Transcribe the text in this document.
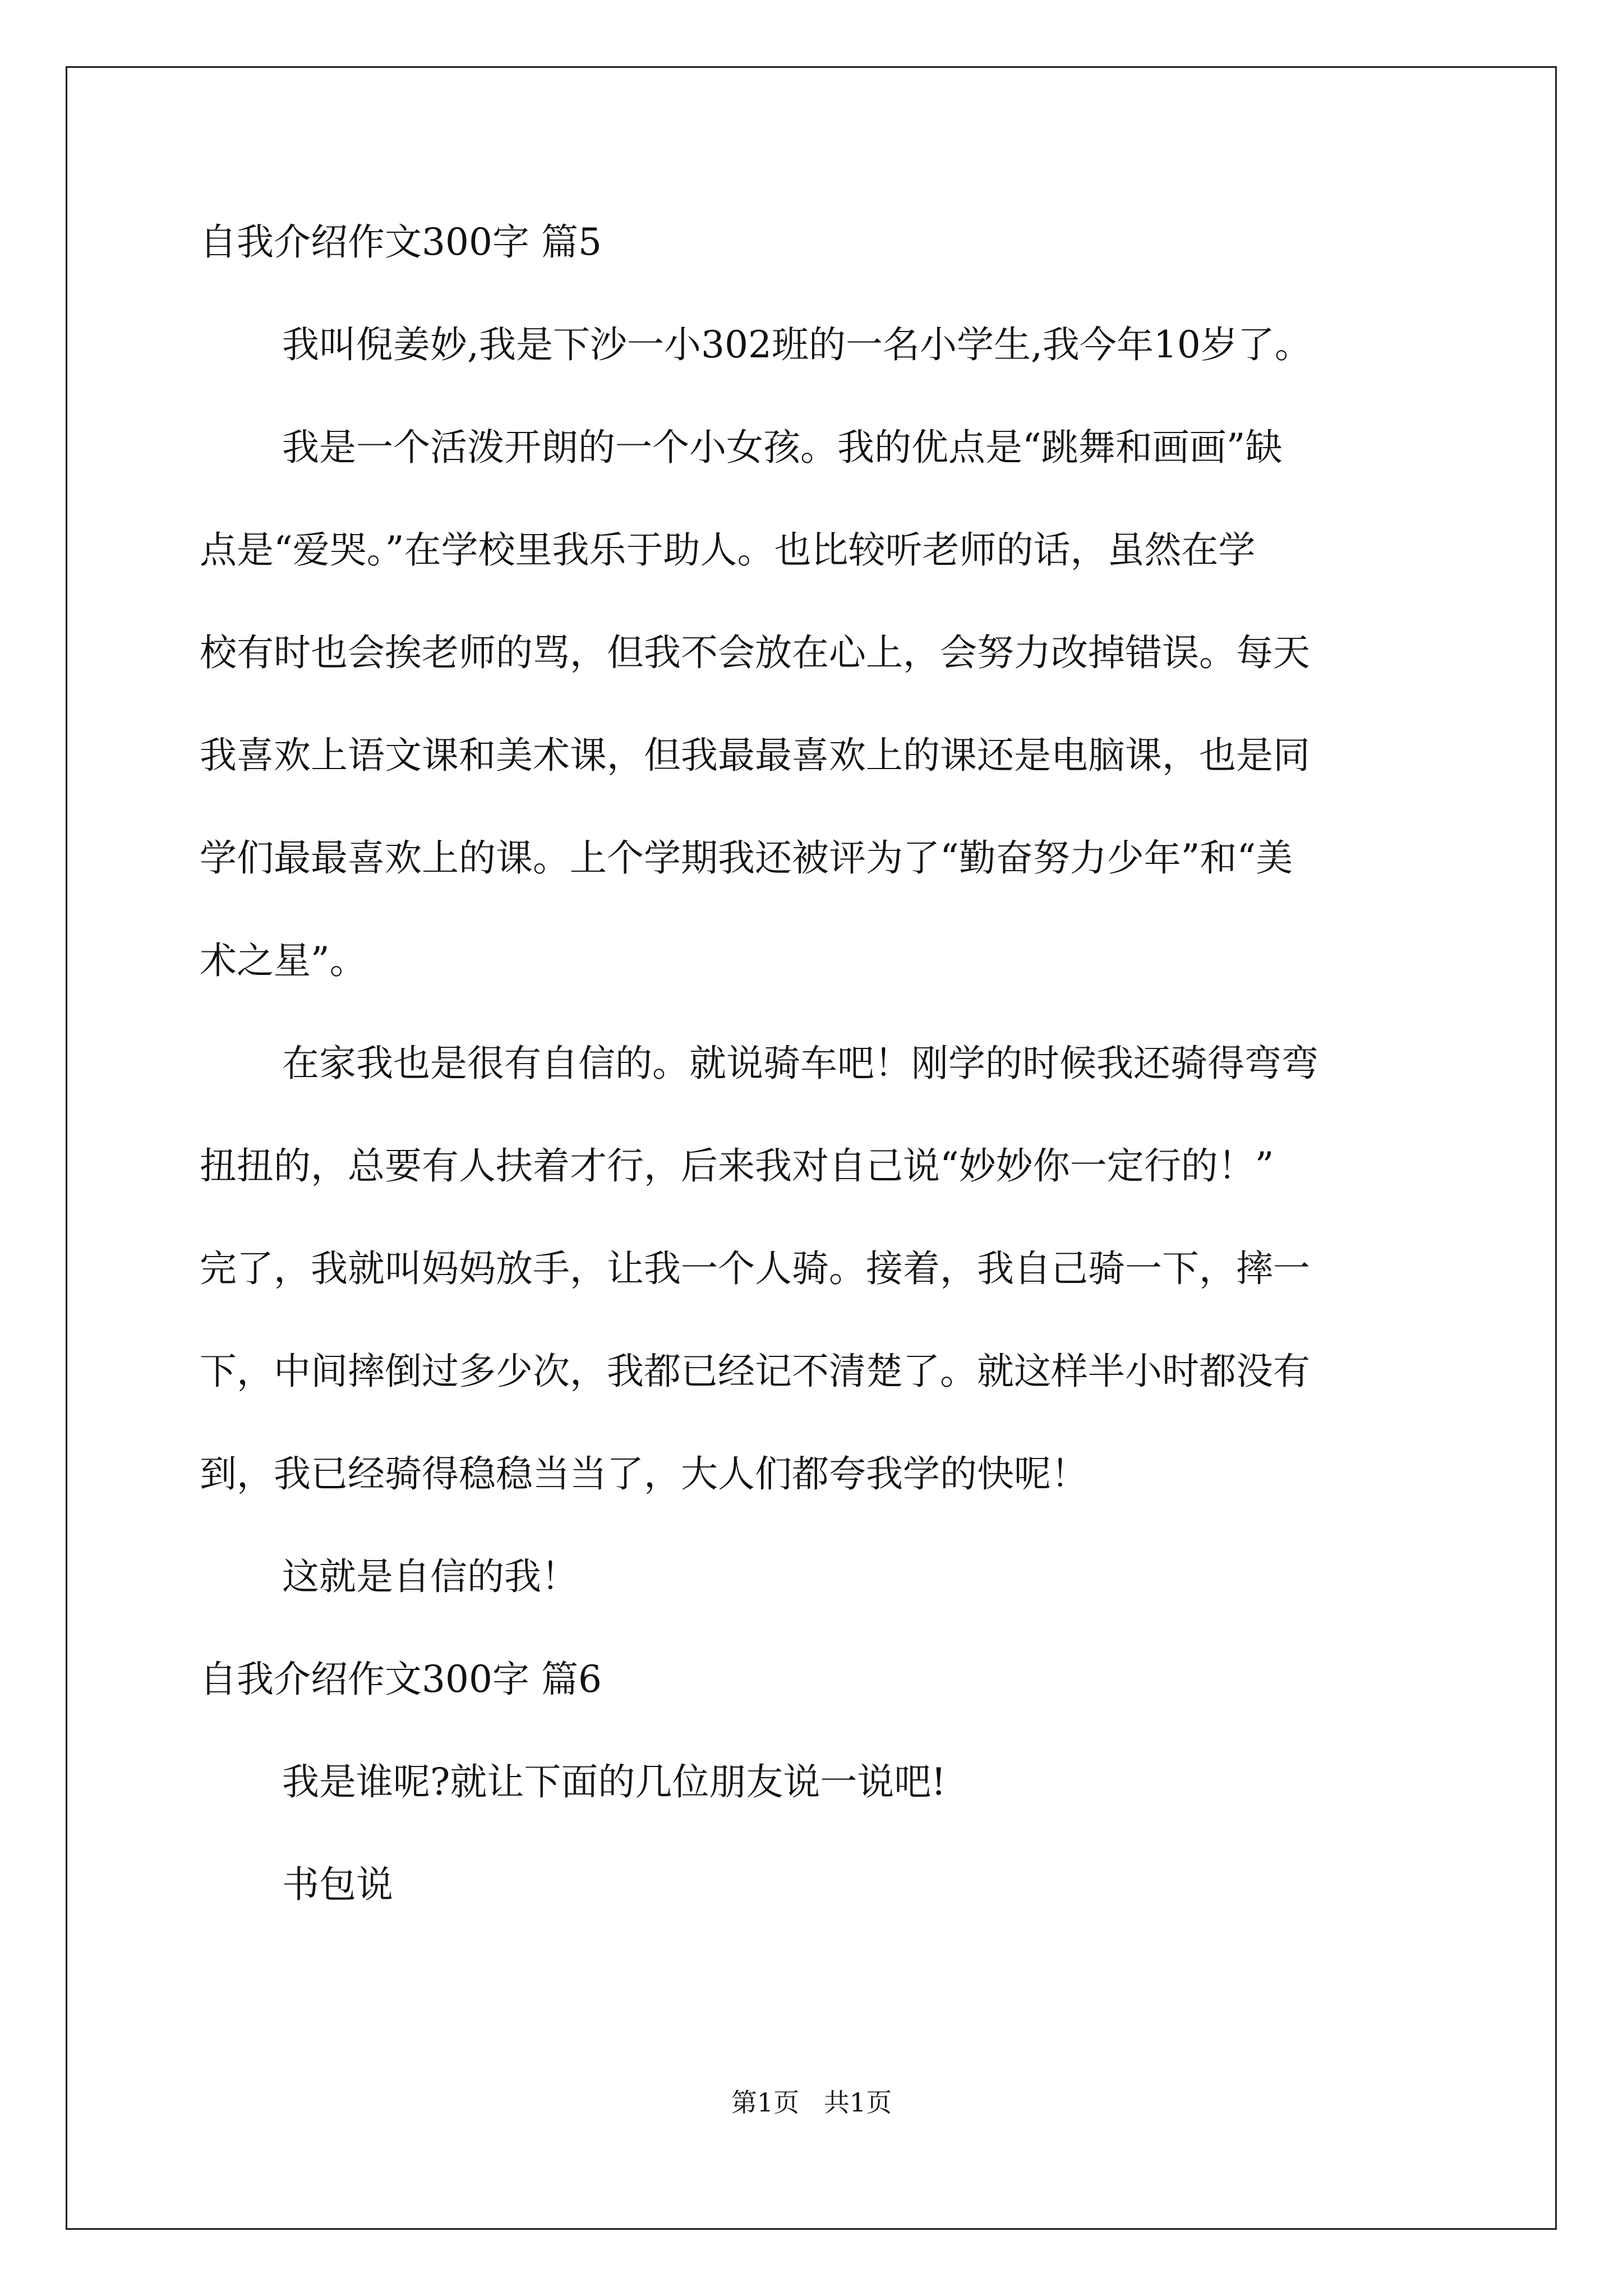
自我介绍作文300字 篇5
我叫倪姜妙,我是下沙一小302班的一名小学生,我今年10岁了。
我是一个活泼开朗的一个小女孩。我的优点是“跳舞和画画”缺
点是“爱哭。”在学校里我乐于助人。也比较听老师的话，虽然在学
校有时也会挨老师的骂，但我不会放在心上，会努力改掉错误。每天
我喜欢上语文课和美术课，但我最最喜欢上的课还是电脑课，也是同
学们最最喜欢上的课。上个学期我还被评为了“勤奋努力少年”和“美
术之星”。
在家我也是很有自信的。就说骑车吧！刚学的时候我还骑得弯弯
扭扭的，总要有人扶着才行，后来我对自己说“妙妙你一定行的！”
完了，我就叫妈妈放手，让我一个人骑。接着，我自己骑一下，摔一
下，中间摔倒过多少次，我都已经记不清楚了。就这样半小时都没有
到，我已经骑得稳稳当当了，大人们都夸我学的快呢！
这就是自信的我！
自我介绍作文300字 篇6
我是谁呢?就让下面的几位朋友说一说吧!
书包说
第1页   共1页
